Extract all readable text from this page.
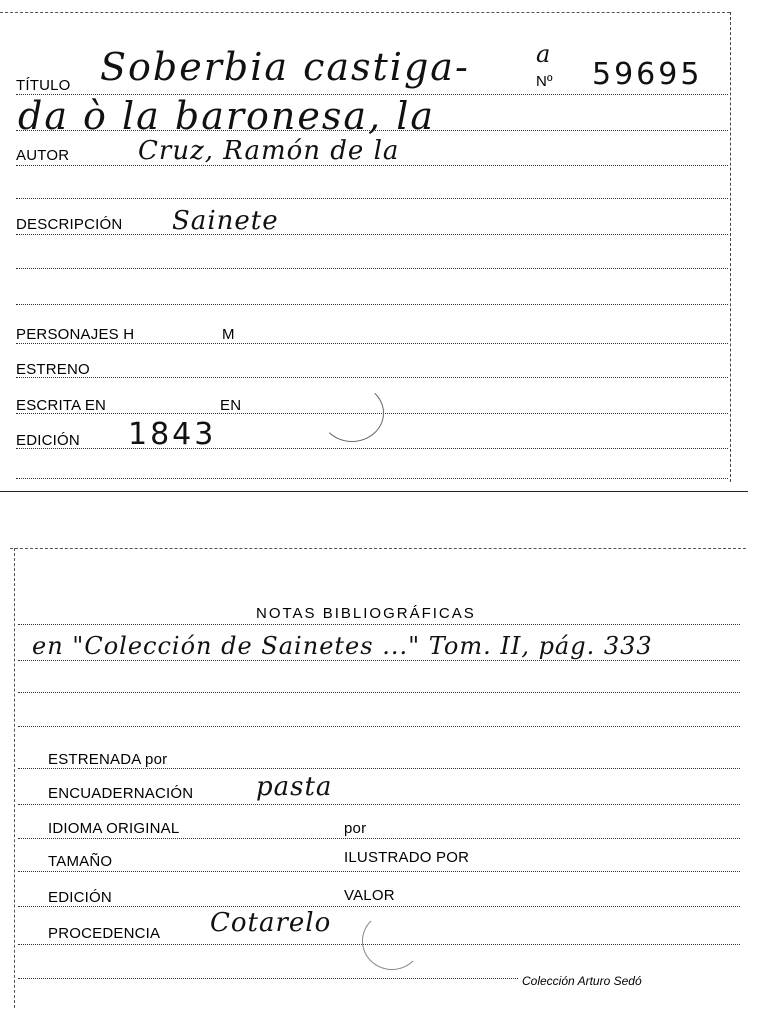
TÍTULO Soberbia castiga-	a
Nº 59695
da ò la baronesa, la
AUTOR	Cruz, Ramón de la
DESCRIPCIÓN Sainete
PERSONAJES H	M
ESTRENO
ESCRITA EN	EN
EDICIÓN 1843
NOTAS BIBLIOGRÁFICAS
en "Colección de Sainetes ..." Tom. II, pág. 333
ESTRENADA por
ENCUADERNACIÓN pasta
IDIOMA ORIGINAL	por
TAMAÑO	ILUSTRADO POR
EDICIÓN	VALOR
PROCEDENCIA Cotarelo
Colección Arturo Sedó
